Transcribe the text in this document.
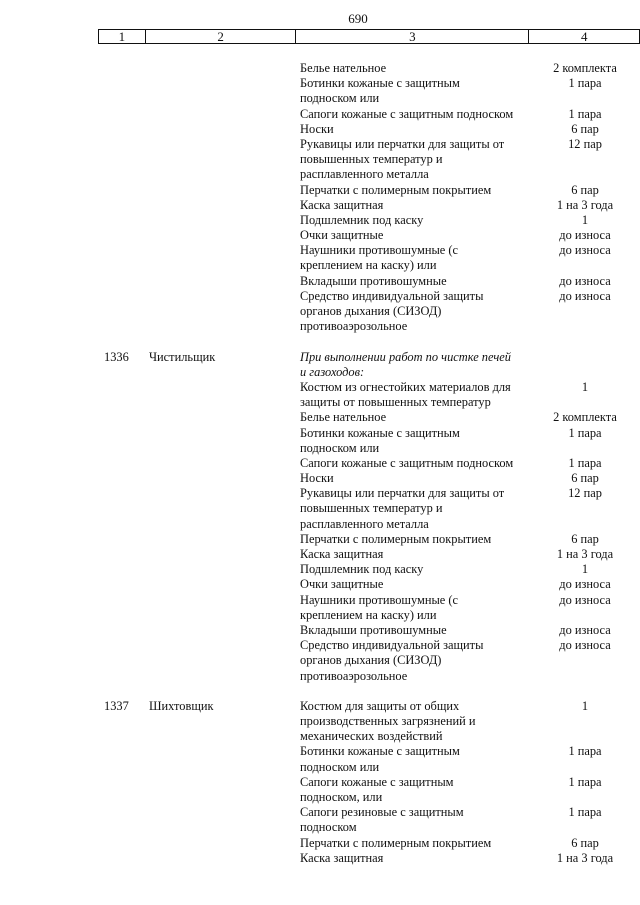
690
1	2	3	4
Белье нательное	2 комплекта
Ботинки кожаные с защитным	1 пара
подноском или
Сапоги кожаные с защитным подноском	1 пара
Носки	6 пар
Рукавицы или перчатки для защиты от	12 пар
повышенных температур и
расплавленного металла
Перчатки с полимерным покрытием	6 пар
Каска защитная	1 на 3 года
Подшлемник под каску	1
Очки защитные	до износа
Наушники противошумные (с	до износа
креплением на каску) или
Вкладыши противошумные	до износа
Средство индивидуальной защиты	до износа
органов дыхания (СИЗОД)
противоаэрозольное
1336 Чистильщик	При выполнении работ по чистке печей
и газоходов:
Костюм из огнестойких материалов для	1
защиты от повышенных температур
Белье нательное	2 комплекта
Ботинки кожаные с защитным	1 пара
подноском или
Сапоги кожаные с защитным подноском	1 пара
Носки	6 пар
Рукавицы или перчатки для защиты от	12 пар
повышенных температур и
расплавленного металла
Перчатки с полимерным покрытием	6 пар
Каска защитная	1 на 3 года
Подшлемник под каску	1
Очки защитные	до износа
Наушники противошумные (с	до износа
креплением на каску) или
Вкладыши противошумные	до износа
Средство индивидуальной защиты	до износа
органов дыхания (СИЗОД)
противоаэрозольное
1337 Шихтовщик	Костюм для защиты от общих	1
производственных загрязнений и
механических воздействий
Ботинки кожаные с защитным	1 пара
подноском или
Сапоги кожаные с защитным	1 пара
подноском, или
Сапоги резиновые с защитным	1 пара
подноском
Перчатки с полимерным покрытием	6 пар
Каска защитная	1 на 3 года
